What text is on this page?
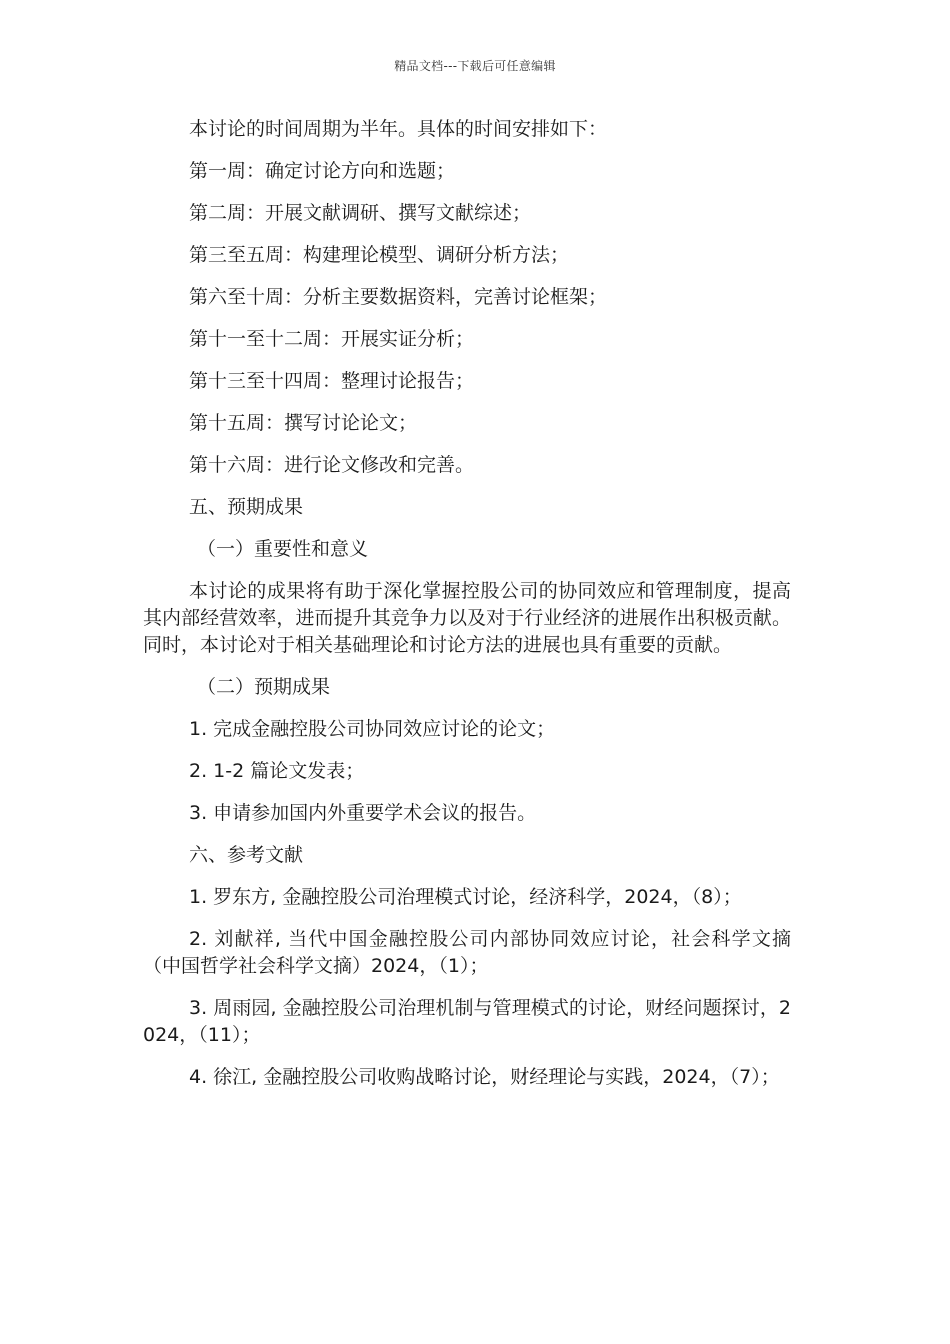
精品文档---下载后可任意编辑

本讨论的时间周期为半年。具体的时间安排如下：

第一周：确定讨论方向和选题；

第二周：开展文献调研、撰写文献综述；

第三至五周：构建理论模型、调研分析方法；

第六至十周：分析主要数据资料，完善讨论框架；

第十一至十二周：开展实证分析；

第十三至十四周：整理讨论报告；

第十五周：撰写讨论论文；

第十六周：进行论文修改和完善。

五、预期成果

（一）重要性和意义

本讨论的成果将有助于深化掌握控股公司的协同效应和管理制度，提高其内部经营效率，进而提升其竞争力以及对于行业经济的进展作出积极贡献。同时，本讨论对于相关基础理论和讨论方法的进展也具有重要的贡献。

（二）预期成果

1. 完成金融控股公司协同效应讨论的论文；

2. 1-2 篇论文发表；

3. 申请参加国内外重要学术会议的报告。

六、参考文献

1. 罗东方, 金融控股公司治理模式讨论，经济科学，2024，（8）；

2. 刘献祥, 当代中国金融控股公司内部协同效应讨论，社会科学文摘（中国哲学社会科学文摘）2024，（1）；

3. 周雨园, 金融控股公司治理机制与管理模式的讨论，财经问题探讨，2024，（11）；

4. 徐江, 金融控股公司收购战略讨论，财经理论与实践，2024，（7）；
